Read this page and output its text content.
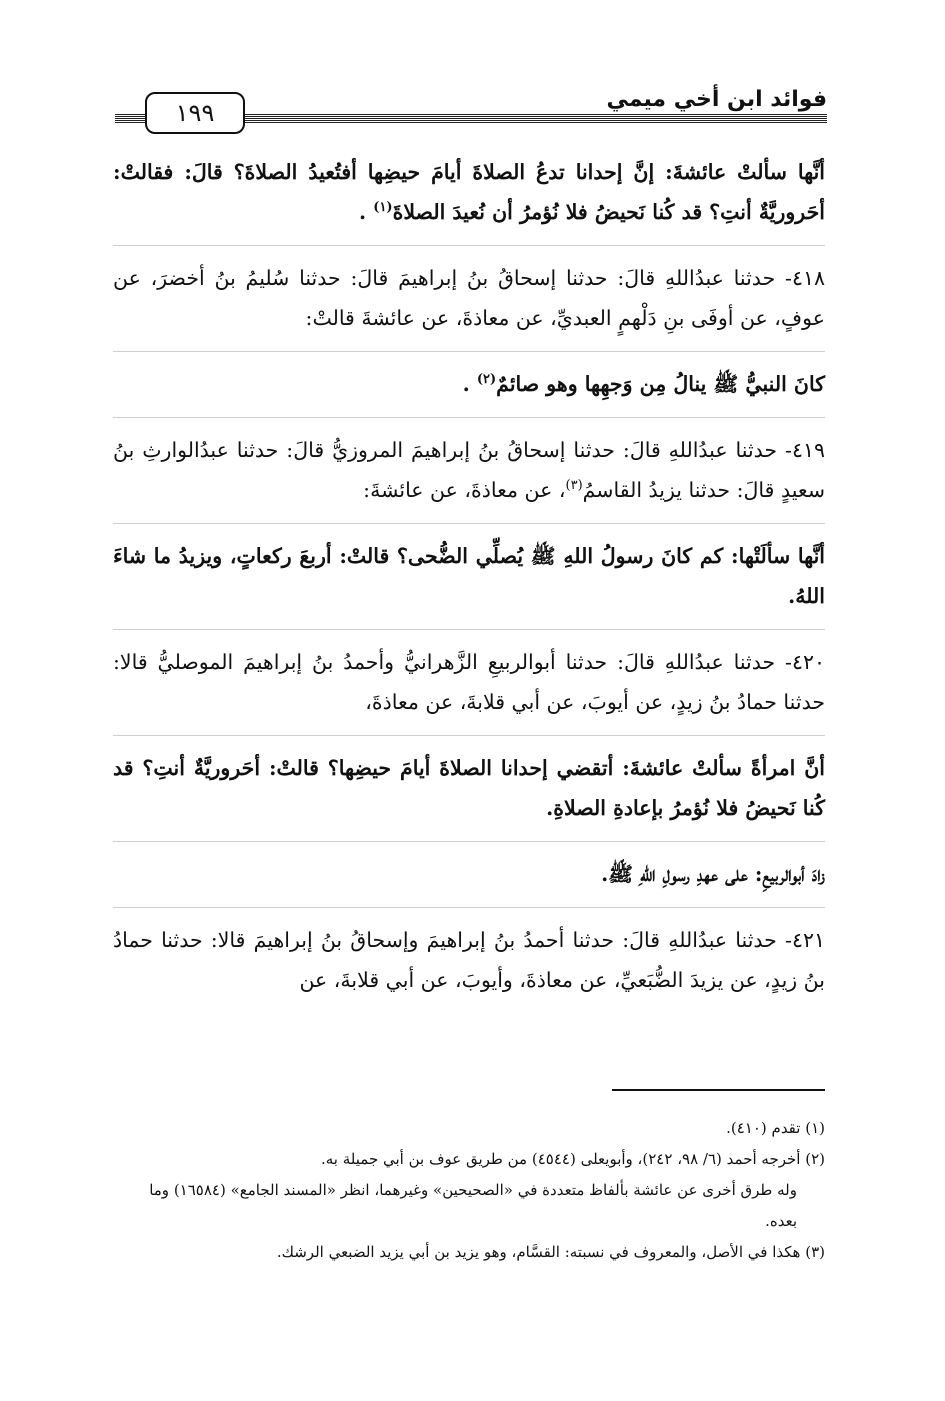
فوائد ابن أخي ميمي
١٩٩

أنَّها سألتْ عائشةَ: إنَّ إحدانا تدعُ الصلاةَ أيامَ حيضِها أفتُعيدُ الصلاةَ؟ قالَ: فقالتْ: أحَروريَّةٌ أنتِ؟ قد كُنا نَحيضُ فلا نُؤمرُ أن نُعيدَ الصلاةَ$^{(١)}$ .

٤١٨- حدثنا عبدُاللهِ قالَ: حدثنا إسحاقُ بنُ إبراهيمَ قالَ: حدثنا سُليمُ بنُ أخضرَ، عن عوفٍ، عن أوفَى بنِ دَلْهمٍ العبديِّ، عن معاذةَ، عن عائشةَ قالتْ:

كانَ النبيُّ ﷺ ينالُ مِن وَجهِها وهو صائمٌ$^{(٢)}$ .

٤١٩- حدثنا عبدُاللهِ قالَ: حدثنا إسحاقُ بنُ إبراهيمَ المروزيُّ قالَ: حدثنا عبدُالوارثِ بنُ سعيدٍ قالَ: حدثنا يزيدُ القاسمُ$^{(٣)}$، عن معاذةَ، عن عائشةَ:

أنَّها سألَتْها: كم كانَ رسولُ اللهِ ﷺ يُصلِّي الضُّحى؟ قالتْ: أربعَ ركعاتٍ، ويزيدُ ما شاءَ اللهُ.

٤٢٠- حدثنا عبدُاللهِ قالَ: حدثنا أبوالربيعِ الزَّهرانيُّ وأحمدُ بنُ إبراهيمَ الموصليُّ قالا: حدثنا حمادُ بنُ زيدٍ، عن أيوبَ، عن أبي قلابةَ، عن معاذةَ،

أنَّ امرأةً سألتْ عائشةَ: أتقضي إحدانا الصلاةَ أيامَ حيضِها؟ قالتْ: أحَروريَّةٌ أنتِ؟ قد كُنا نَحيضُ فلا نُؤمرُ بإعادةِ الصلاةِ.

زادَ أبوالربيعِ: على عهدِ رسولِ اللهِ ﷺ.

٤٢١- حدثنا عبدُاللهِ قالَ: حدثنا أحمدُ بنُ إبراهيمَ وإسحاقُ بنُ إبراهيمَ قالا: حدثنا حمادُ بنُ زيدٍ، عن يزيدَ الضُّبَعيِّ، عن معاذةَ، وأيوبَ، عن أبي قلابةَ، عن

(١) تقدم (٤١٠).
(٢) أخرجه أحمد (٦/ ٩٨، ٢٤٢)، وأبويعلى (٤٥٤٤) من طريق عوف بن أبي جميلة به.
وله طرق أخرى عن عائشة بألفاظ متعددة في «الصحيحين» وغيرهما، انظر «المسند الجامع» (١٦٥٨٤) وما بعده.
(٣) هكذا في الأصل، والمعروف في نسبته: القسَّام، وهو يزيد بن أبي يزيد الضبعي الرشك.
